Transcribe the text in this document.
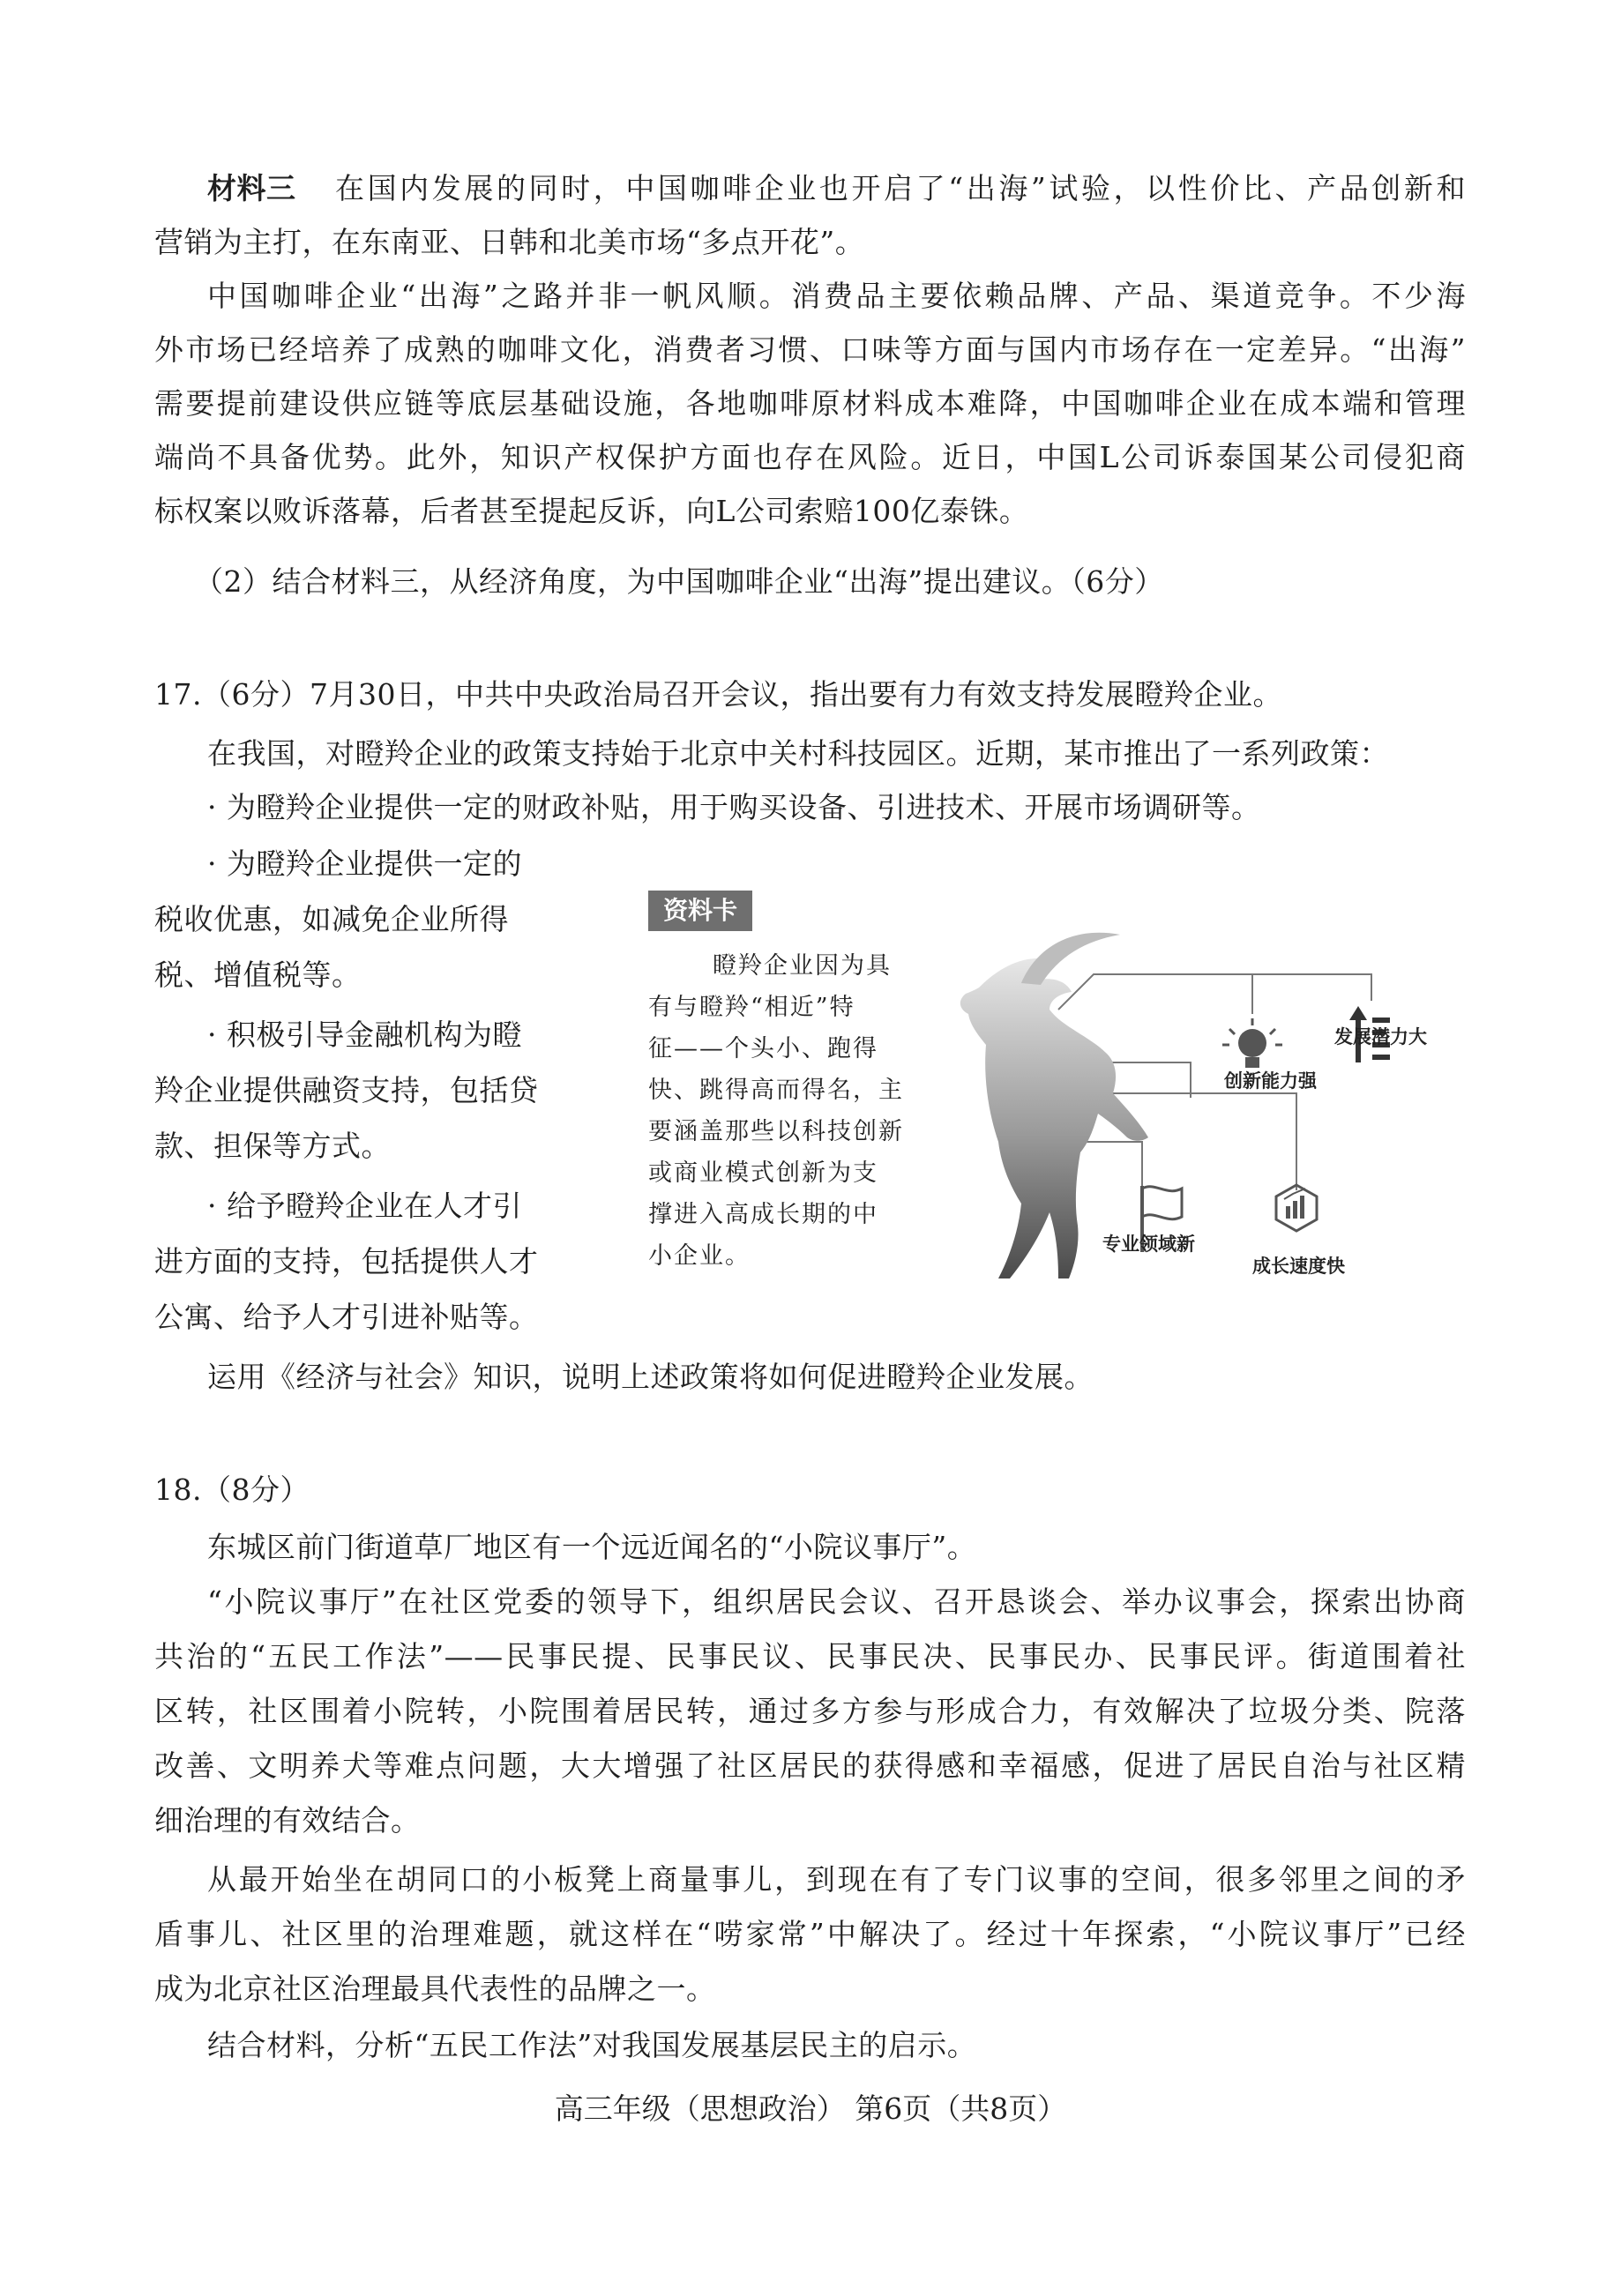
材料三 在国内发展的同时，中国咖啡企业也开启了“出海”试验，以性价比、产品创新和
营销为主打，在东南亚、日韩和北美市场“多点开花”。
中国咖啡企业“出海”之路并非一帆风顺。消费品主要依赖品牌、产品、渠道竞争。不少海
外市场已经培养了成熟的咖啡文化，消费者习惯、口味等方面与国内市场存在一定差异。“出海”
需要提前建设供应链等底层基础设施，各地咖啡原材料成本难降，中国咖啡企业在成本端和管理
端尚不具备优势。此外，知识产权保护方面也存在风险。近日，中国L公司诉泰国某公司侵犯商
标权案以败诉落幕，后者甚至提起反诉，向L公司索赔100亿泰铢。
（2）结合材料三，从经济角度，为中国咖啡企业“出海”提出建议。（6分）
17.（6分）7月30日，中共中央政治局召开会议，指出要有力有效支持发展瞪羚企业。
在我国，对瞪羚企业的政策支持始于北京中关村科技园区。近期，某市推出了一系列政策：
· 为瞪羚企业提供一定的财政补贴，用于购买设备、引进技术、开展市场调研等。
· 为瞪羚企业提供一定的
税收优惠，如减免企业所得
税、增值税等。
· 积极引导金融机构为瞪
羚企业提供融资支持，包括贷
款、担保等方式。
· 给予瞪羚企业在人才引
进方面的支持，包括提供人才
公寓、给予人才引进补贴等。
资料卡
瞪羚企业因为具
有与瞪羚“相近”特
征——个头小、跑得
快、跳得高而得名，主
要涵盖那些以科技创新
或商业模式创新为支
撑进入高成长期的中
小企业。
创新能力强
发展潜力大
专业领域新
成长速度快
运用《经济与社会》知识，说明上述政策将如何促进瞪羚企业发展。
18.（8分）
东城区前门街道草厂地区有一个远近闻名的“小院议事厅”。
“小院议事厅”在社区党委的领导下，组织居民会议、召开恳谈会、举办议事会，探索出协商
共治的“五民工作法”——民事民提、民事民议、民事民决、民事民办、民事民评。街道围着社
区转，社区围着小院转，小院围着居民转，通过多方参与形成合力，有效解决了垃圾分类、院落
改善、文明养犬等难点问题，大大增强了社区居民的获得感和幸福感，促进了居民自治与社区精
细治理的有效结合。
从最开始坐在胡同口的小板凳上商量事儿，到现在有了专门议事的空间，很多邻里之间的矛
盾事儿、社区里的治理难题，就这样在“唠家常”中解决了。经过十年探索，“小院议事厅”已经
成为北京社区治理最具代表性的品牌之一。
结合材料，分析“五民工作法”对我国发展基层民主的启示。
高三年级（思想政治） 第6页（共8页）
